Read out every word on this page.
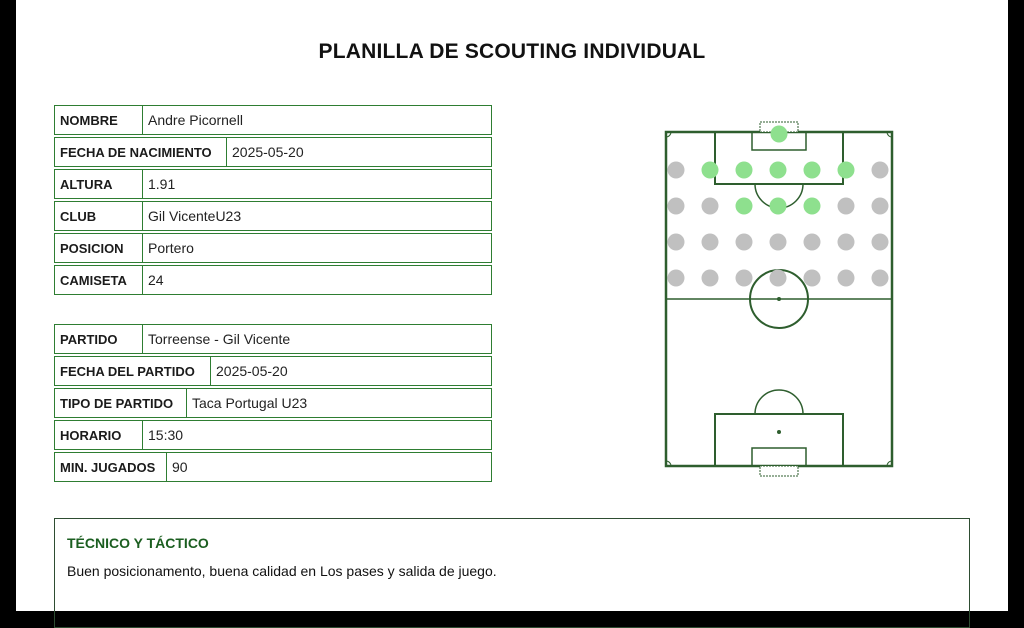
PLANILLA DE SCOUTING INDIVIDUAL
NOMBRE	Andre Picornell
FECHA DE NACIMIENTO	2025-05-20
ALTURA	1.91
CLUB	Gil VicenteU23
POSICION	Portero
CAMISETA	24
PARTIDO	Torreense - Gil Vicente
FECHA DEL PARTIDO	2025-05-20
TIPO DE PARTIDO	Taca Portugal U23
HORARIO	15:30
MIN. JUGADOS	90
TÉCNICO Y TÁCTICO
Buen posicionamento, buena calidad en Los pases y salida de juego.
